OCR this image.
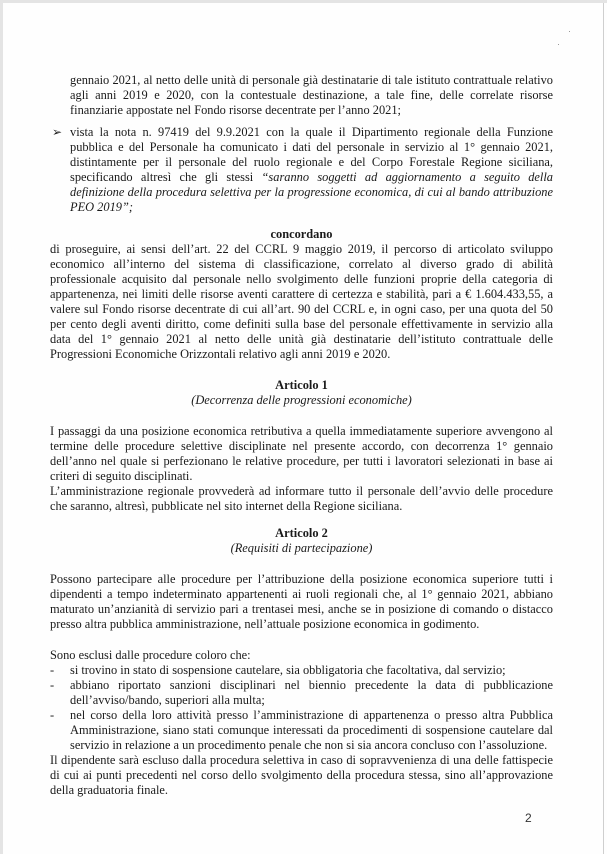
gennaio 2021, al netto delle unità di personale già destinatarie di tale istituto contrattuale relativo agli anni 2019 e 2020, con la contestuale destinazione, a tale fine, delle correlate risorse finanziarie appostate nel Fondo risorse decentrate per l’anno 2021;

➢ vista la nota n. 97419 del 9.9.2021 con la quale il Dipartimento regionale della Funzione pubblica e del Personale ha comunicato i dati del personale in servizio al 1° gennaio 2021, distintamente per il personale del ruolo regionale e del Corpo Forestale Regione siciliana, specificando altresì che gli stessi “saranno soggetti ad aggiornamento a seguito della definizione della procedura selettiva per la progressione economica, di cui al bando attribuzione PEO 2019”;

concordano

di proseguire, ai sensi dell’art. 22 del CCRL 9 maggio 2019, il percorso di articolato sviluppo economico all’interno del sistema di classificazione, correlato al diverso grado di abilità professionale acquisito dal personale nello svolgimento delle funzioni proprie della categoria di appartenenza, nei limiti delle risorse aventi carattere di certezza e stabilità, pari a € 1.604.433,55, a valere sul Fondo risorse decentrate di cui all’art. 90 del CCRL e, in ogni caso, per una quota del 50 per cento degli aventi diritto, come definiti sulla base del personale effettivamente in servizio alla data del 1° gennaio 2021 al netto delle unità già destinatarie dell’istituto contrattuale delle Progressioni Economiche Orizzontali relativo agli anni 2019 e 2020.

Articolo 1

(Decorrenza delle progressioni economiche)

I passaggi da una posizione economica retributiva a quella immediatamente superiore avvengono al termine delle procedure selettive disciplinate nel presente accordo, con decorrenza 1° gennaio dell’anno nel quale si perfezionano le relative procedure, per tutti i lavoratori selezionati in base ai criteri di seguito disciplinati.

L’amministrazione regionale provvederà ad informare tutto il personale dell’avvio delle procedure che saranno, altresì, pubblicate nel sito internet della Regione siciliana.

Articolo 2

(Requisiti di partecipazione)

Possono partecipare alle procedure per l’attribuzione della posizione economica superiore tutti i dipendenti a tempo indeterminato appartenenti ai ruoli regionali che, al 1° gennaio 2021, abbiano maturato un’anzianità di servizio pari a trentasei mesi, anche se in posizione di comando o distacco presso altra pubblica amministrazione, nell’attuale posizione economica in godimento.

Sono esclusi dalle procedure coloro che:

- si trovino in stato di sospensione cautelare, sia obbligatoria che facoltativa, dal servizio;
- abbiano riportato sanzioni disciplinari nel biennio precedente la data di pubblicazione dell’avviso/bando, superiori alla multa;
- nel corso della loro attività presso l’amministrazione di appartenenza o presso altra Pubblica Amministrazione, siano stati comunque interessati da procedimenti di sospensione cautelare dal servizio in relazione a un procedimento penale che non si sia ancora concluso con l’assoluzione.

Il dipendente sarà escluso dalla procedura selettiva in caso di sopravvenienza di una delle fattispecie di cui ai punti precedenti nel corso dello svolgimento della procedura stessa, sino all’approvazione della graduatoria finale.

2
